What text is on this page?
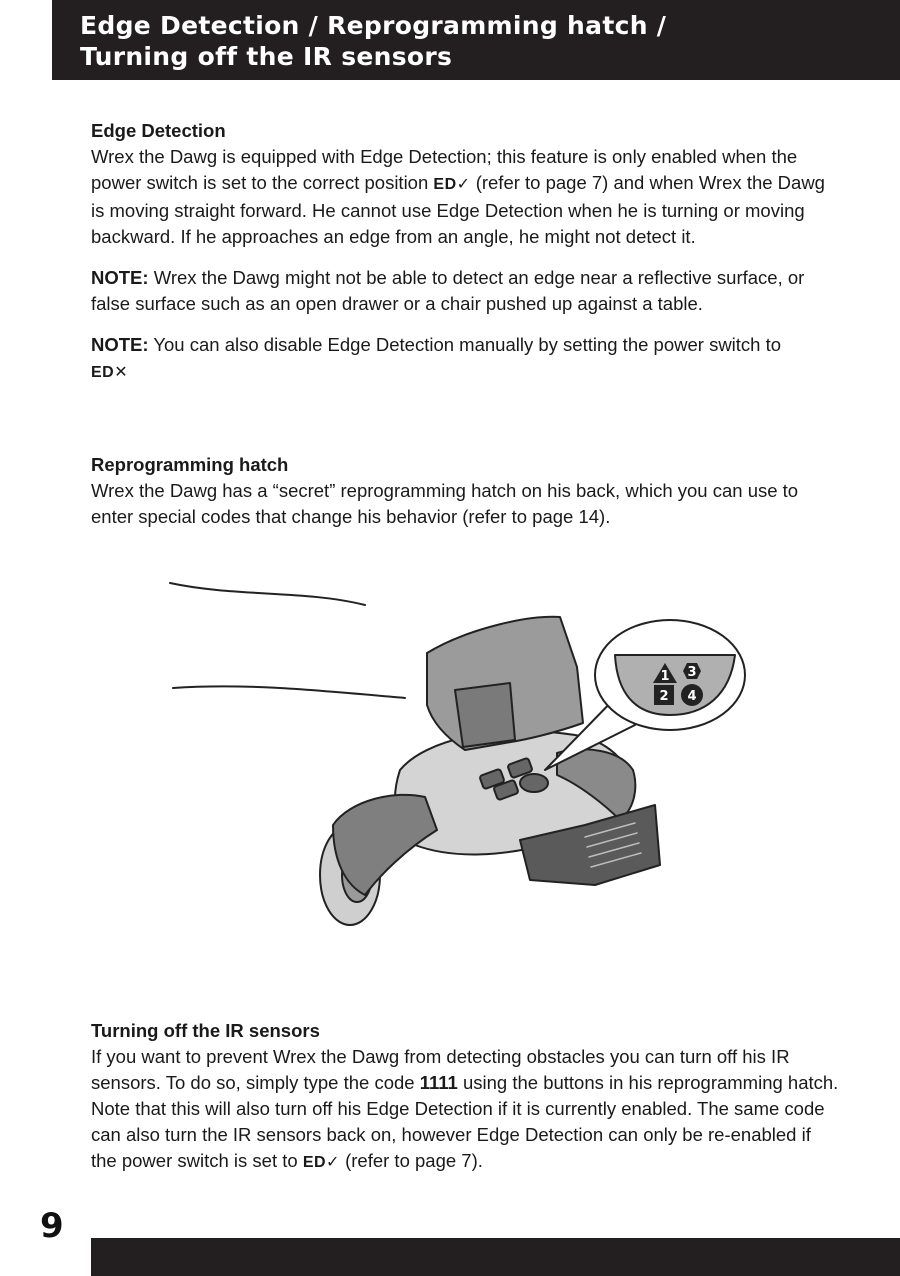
Edge Detection / Reprogramming hatch /
Turning off the IR sensors
Edge Detection

Wrex the Dawg is equipped with Edge Detection; this feature is only enabled when the power switch is set to the correct position ED✓ (refer to page 7) and when Wrex the Dawg is moving straight forward. He cannot use Edge Detection when he is turning or moving backward. If he approaches an edge from an angle, he might not detect it.

NOTE: Wrex the Dawg might not be able to detect an edge near a reflective surface, or false surface such as an open drawer or a chair pushed up against a table.

NOTE: You can also disable Edge Detection manually by setting the power switch to
ED✕

Reprogramming hatch

Wrex the Dawg has a “secret” reprogramming hatch on his back, which you can use to enter special codes that change his behavior (refer to page 14).

1 3
2 4
Turning off the IR sensors

If you want to prevent Wrex the Dawg from detecting obstacles you can turn off his IR sensors. To do so, simply type the code 1111 using the buttons in his reprogramming hatch. Note that this will also turn off his Edge Detection if it is currently enabled. The same code can also turn the IR sensors back on, however Edge Detection can only be re-enabled if the power switch is set to ED✓ (refer to page 7).

9
